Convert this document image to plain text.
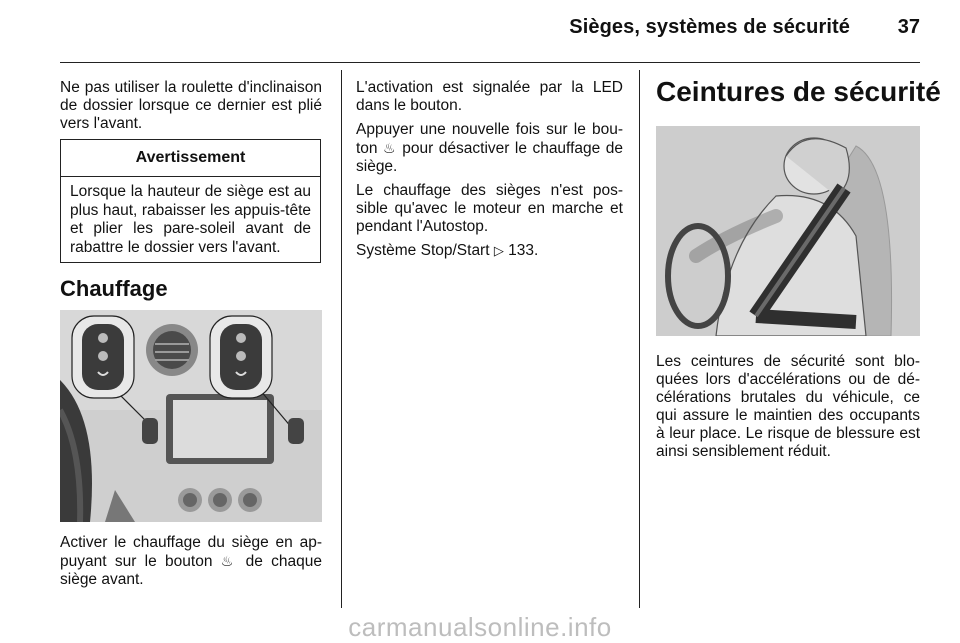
Sièges, systèmes de sécurité	37

Ne pas utiliser la roulette d'inclinaison de dossier lorsque ce dernier est plié vers l'avant.

Avertissement
Lorsque la hauteur de siège est au plus haut, rabaisser les appuis-tête et plier les pare-soleil avant de rabattre le dossier vers l'avant.
Chauffage

Activer le chauffage du siège en ap-puyant sur le bouton ♨ de chaque siège avant.

L'activation est signalée par la LED dans le bouton.

Appuyer une nouvelle fois sur le bou-ton ♨ pour désactiver le chauffage de siège.

Le chauffage des sièges n'est pos-sible qu'avec le moteur en marche et pendant l'Autostop.

Système Stop/Start ▷ 133.

Ceintures de sécurité

Les ceintures de sécurité sont blo-quées lors d'accélérations ou de dé-célérations brutales du véhicule, ce qui assure le maintien des occupants à leur place. Le risque de blessure est ainsi sensiblement réduit.

carmanualsonline.info
